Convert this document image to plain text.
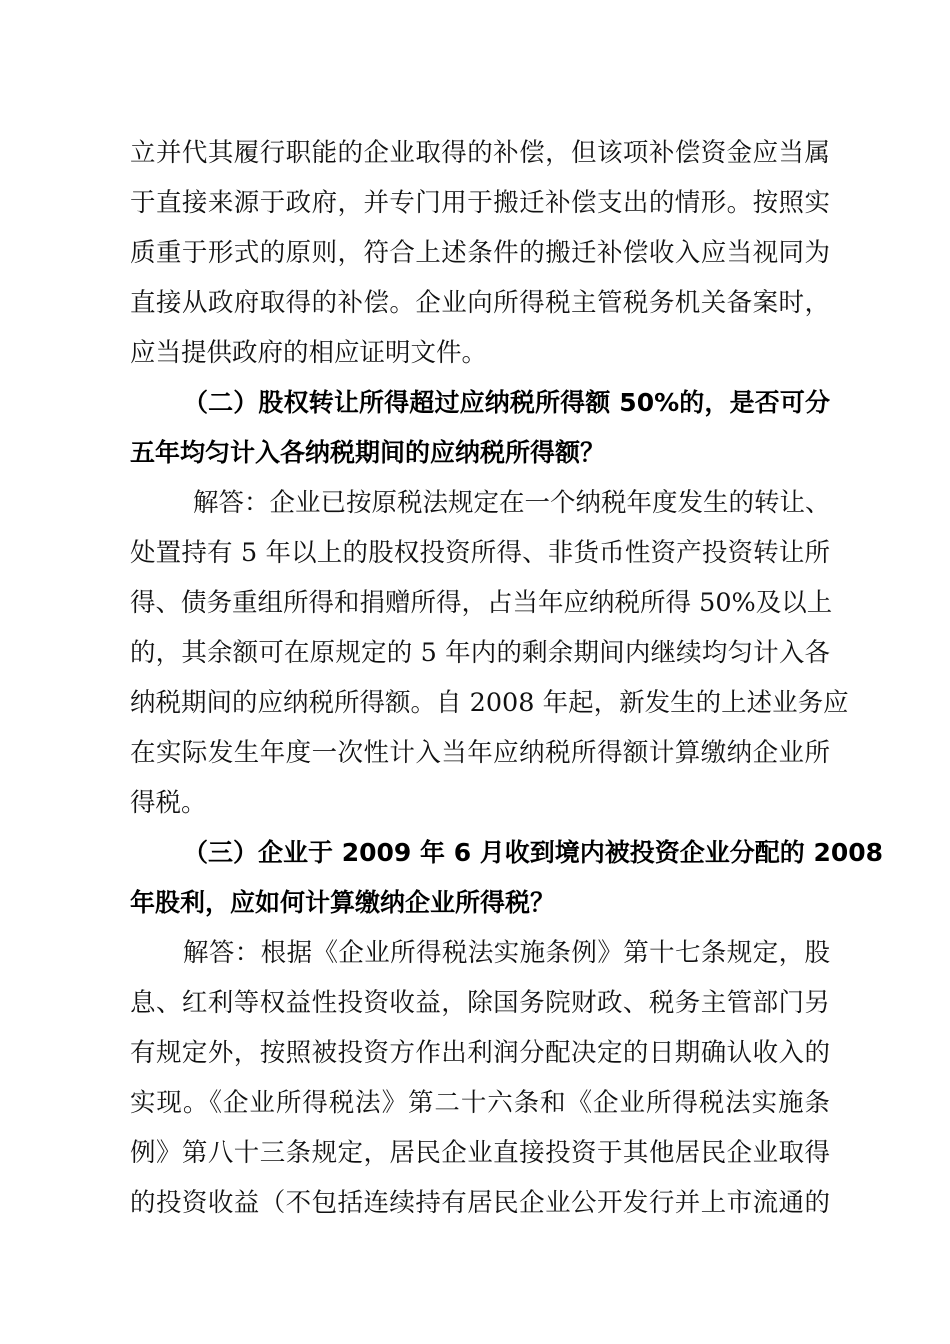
立并代其履行职能的企业取得的补偿，但该项补偿资金应当属
于直接来源于政府，并专门用于搬迁补偿支出的情形。按照实
质重于形式的原则，符合上述条件的搬迁补偿收入应当视同为
直接从政府取得的补偿。企业向所得税主管税务机关备案时，
应当提供政府的相应证明文件。
（二）股权转让所得超过应纳税所得额 50%的，是否可分
五年均匀计入各纳税期间的应纳税所得额？
解答：企业已按原税法规定在一个纳税年度发生的转让、
处置持有 5 年以上的股权投资所得、非货币性资产投资转让所
得、债务重组所得和捐赠所得，占当年应纳税所得 50%及以上
的，其余额可在原规定的 5 年内的剩余期间内继续均匀计入各
纳税期间的应纳税所得额。自 2008 年起，新发生的上述业务应
在实际发生年度一次性计入当年应纳税所得额计算缴纳企业所
得税。
（三）企业于 2009 年 6 月收到境内被投资企业分配的 2008
年股利，应如何计算缴纳企业所得税？
解答：根据《企业所得税法实施条例》第十七条规定，股
息、红利等权益性投资收益，除国务院财政、税务主管部门另
有规定外，按照被投资方作出利润分配决定的日期确认收入的
实现。《企业所得税法》第二十六条和《企业所得税法实施条
例》第八十三条规定，居民企业直接投资于其他居民企业取得
的投资收益（不包括连续持有居民企业公开发行并上市流通的
